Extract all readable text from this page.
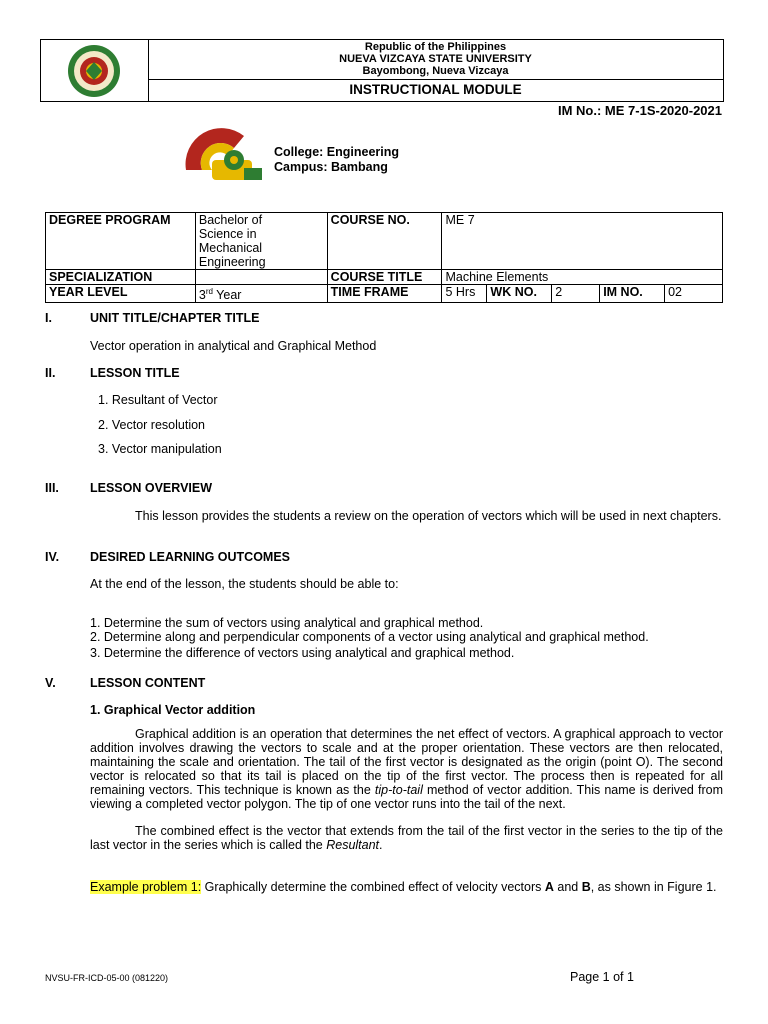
Republic of the Philippines
NUEVA VIZCAYA STATE UNIVERSITY
Bayombong, Nueva Vizcaya
INSTRUCTIONAL MODULE
IM No.: ME 7-1S-2020-2021
College: Engineering
Campus: Bambang
DEGREE PROGRAM	Bachelor of
Science in
Mechanical
Engineering	COURSE NO.	ME 7				
SPECIALIZATION		COURSE TITLE	Machine Elements				
YEAR LEVEL	3rd Year	TIME FRAME	5 Hrs	WK NO.	2	IM NO.	02
I.	UNIT TITLE/CHAPTER TITLE
Vector operation in analytical and Graphical Method
II.	LESSON TITLE
1. Resultant of Vector
2. Vector resolution
3. Vector manipulation
III. LESSON OVERVIEW
This lesson provides the students a review on the operation of vectors which will be used in next chapters.
IV. DESIRED LEARNING OUTCOMES
At the end of the lesson, the students should be able to:
1. Determine the sum of vectors using analytical and graphical method.
2. Determine along and perpendicular components of a vector using analytical and graphical method.
3. Determine the difference of vectors using analytical and graphical method.
V.	LESSON CONTENT
1. Graphical Vector addition
Graphical addition is an operation that determines the net effect of vectors. A graphical approach to vector addition involves drawing the vectors to scale and at the proper orientation. These vectors are then relocated, maintaining the scale and orientation. The tail of the first vector is designated as the origin (point O). The second vector is relocated so that its tail is placed on the tip of the first vector. The process then is repeated for all remaining vectors. This technique is known as the tip-to-tail method of vector addition. This name is derived from viewing a completed vector polygon. The tip of one vector runs into the tail of the next.
The combined effect is the vector that extends from the tail of the first vector in the series to the tip of the last vector in the series which is called the Resultant.
Example problem 1: Graphically determine the combined effect of velocity vectors A and B, as shown in Figure 1.
NVSU-FR-ICD-05-00 (081220)	Page 1 of 1
